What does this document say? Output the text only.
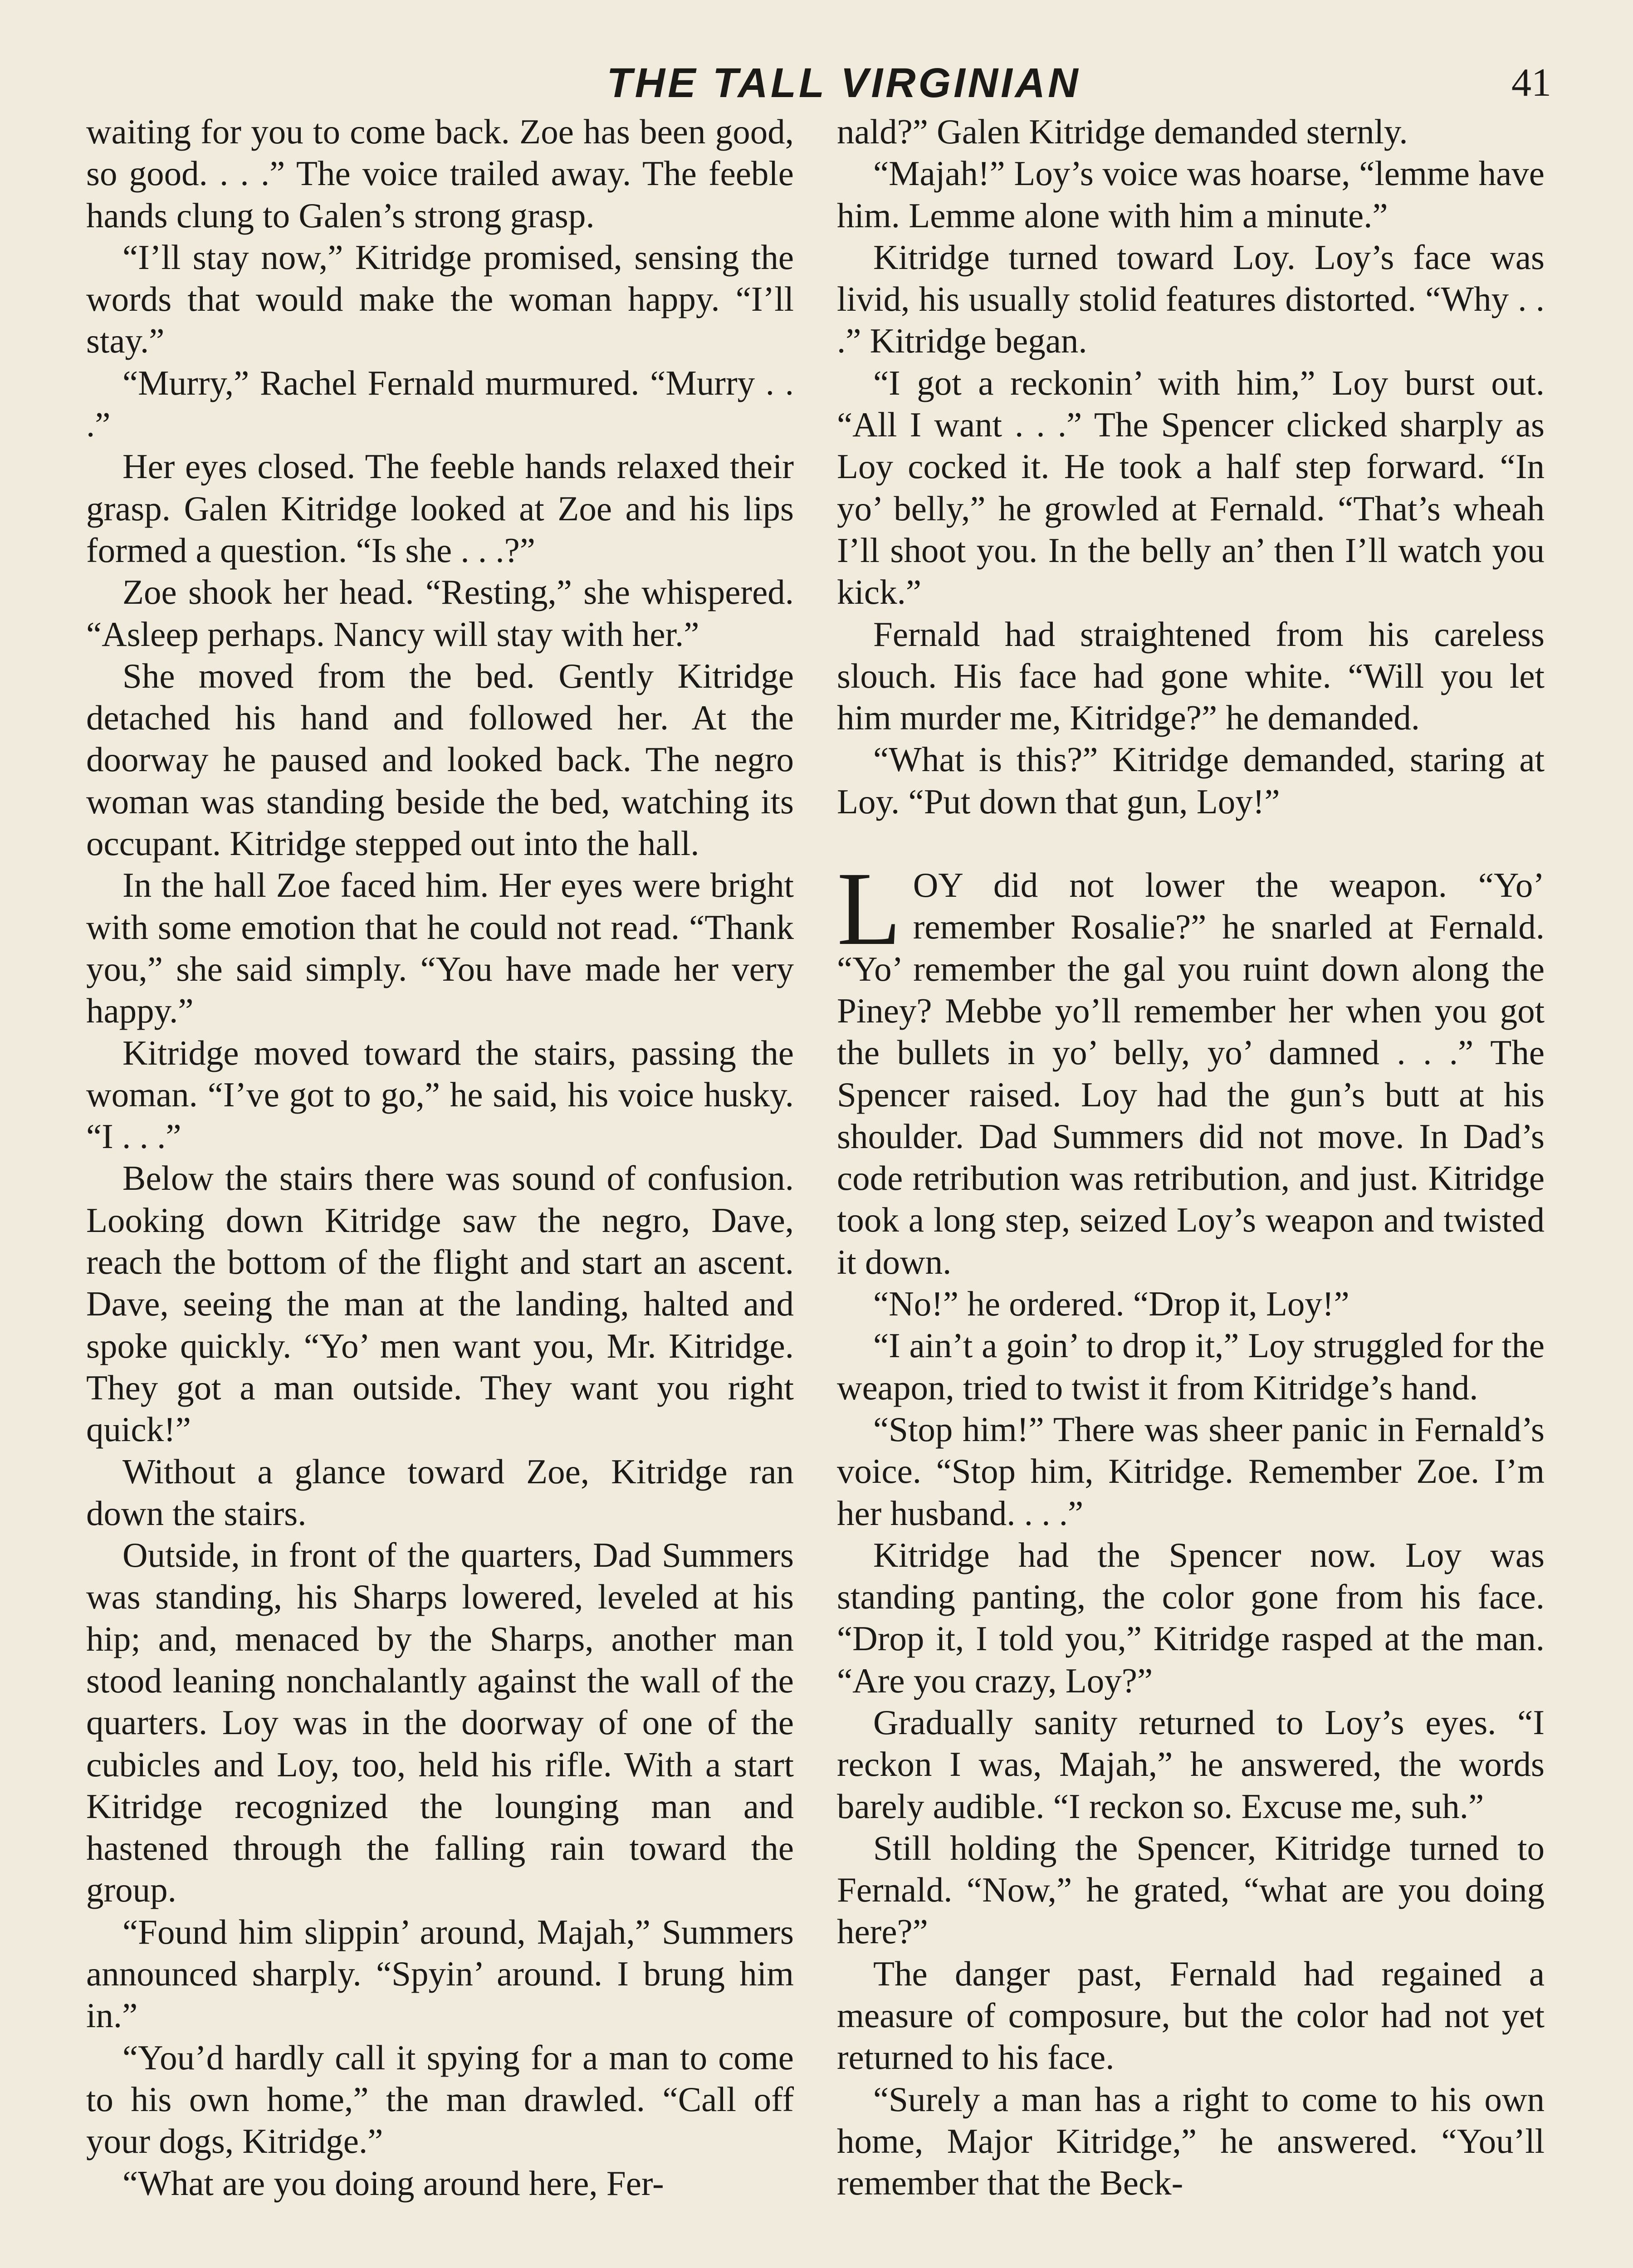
THE TALL VIRGINIAN	41

waiting for you to come back. Zoe has been good, so good. . . .” The voice trailed away. The feeble hands clung to Galen’s strong grasp.

“I’ll stay now,” Kitridge promised, sensing the words that would make the woman happy. “I’ll stay.”

“Murry,” Rachel Fernald murmured. “Murry . . .”

Her eyes closed. The feeble hands relaxed their grasp. Galen Kitridge looked at Zoe and his lips formed a question. “Is she . . .?”

Zoe shook her head. “Resting,” she whispered. “Asleep perhaps. Nancy will stay with her.”

She moved from the bed. Gently Kitridge detached his hand and followed her. At the doorway he paused and looked back. The negro woman was standing beside the bed, watching its occupant. Kitridge stepped out into the hall.

In the hall Zoe faced him. Her eyes were bright with some emotion that he could not read. “Thank you,” she said simply. “You have made her very happy.”

Kitridge moved toward the stairs, passing the woman. “I’ve got to go,” he said, his voice husky. “I . . .”

Below the stairs there was sound of confusion. Looking down Kitridge saw the negro, Dave, reach the bottom of the flight and start an ascent. Dave, seeing the man at the landing, halted and spoke quickly. “Yo’ men want you, Mr. Kitridge. They got a man outside. They want you right quick!”

Without a glance toward Zoe, Kitridge ran down the stairs.

Outside, in front of the quarters, Dad Summers was standing, his Sharps lowered, leveled at his hip; and, menaced by the Sharps, another man stood leaning nonchalantly against the wall of the quarters. Loy was in the doorway of one of the cubicles and Loy, too, held his rifle. With a start Kitridge recognized the lounging man and hastened through the falling rain toward the group.

“Found him slippin’ around, Majah,” Summers announced sharply. “Spyin’ around. I brung him in.”

“You’d hardly call it spying for a man to come to his own home,” the man drawled. “Call off your dogs, Kitridge.”

“What are you doing around here, Fer-

nald?” Galen Kitridge demanded sternly.

“Majah!” Loy’s voice was hoarse, “lemme have him. Lemme alone with him a minute.”

Kitridge turned toward Loy. Loy’s face was livid, his usually stolid features distorted. “Why . . .” Kitridge began.

“I got a reckonin’ with him,” Loy burst out. “All I want . . .” The Spencer clicked sharply as Loy cocked it. He took a half step forward. “In yo’ belly,” he growled at Fernald. “That’s wheah I’ll shoot you. In the belly an’ then I’ll watch you kick.”

Fernald had straightened from his careless slouch. His face had gone white. “Will you let him murder me, Kitridge?” he demanded.

“What is this?” Kitridge demanded, staring at Loy. “Put down that gun, Loy!”

LOY did not lower the weapon. “Yo’ remember Rosalie?” he snarled at Fernald. “Yo’ remember the gal you ruint down along the Piney? Mebbe yo’ll remember her when you got the bullets in yo’ belly, yo’ damned . . .” The Spencer raised. Loy had the gun’s butt at his shoulder. Dad Summers did not move. In Dad’s code retribution was retribution, and just. Kitridge took a long step, seized Loy’s weapon and twisted it down.

“No!” he ordered. “Drop it, Loy!”

“I ain’t a goin’ to drop it,” Loy struggled for the weapon, tried to twist it from Kitridge’s hand.

“Stop him!” There was sheer panic in Fernald’s voice. “Stop him, Kitridge. Remember Zoe. I’m her husband. . . .”

Kitridge had the Spencer now. Loy was standing panting, the color gone from his face. “Drop it, I told you,” Kitridge rasped at the man. “Are you crazy, Loy?”

Gradually sanity returned to Loy’s eyes. “I reckon I was, Majah,” he answered, the words barely audible. “I reckon so. Excuse me, suh.”

Still holding the Spencer, Kitridge turned to Fernald. “Now,” he grated, “what are you doing here?”

The danger past, Fernald had regained a measure of composure, but the color had not yet returned to his face.

“Surely a man has a right to come to his own home, Major Kitridge,” he answered. “You’ll remember that the Beck-
